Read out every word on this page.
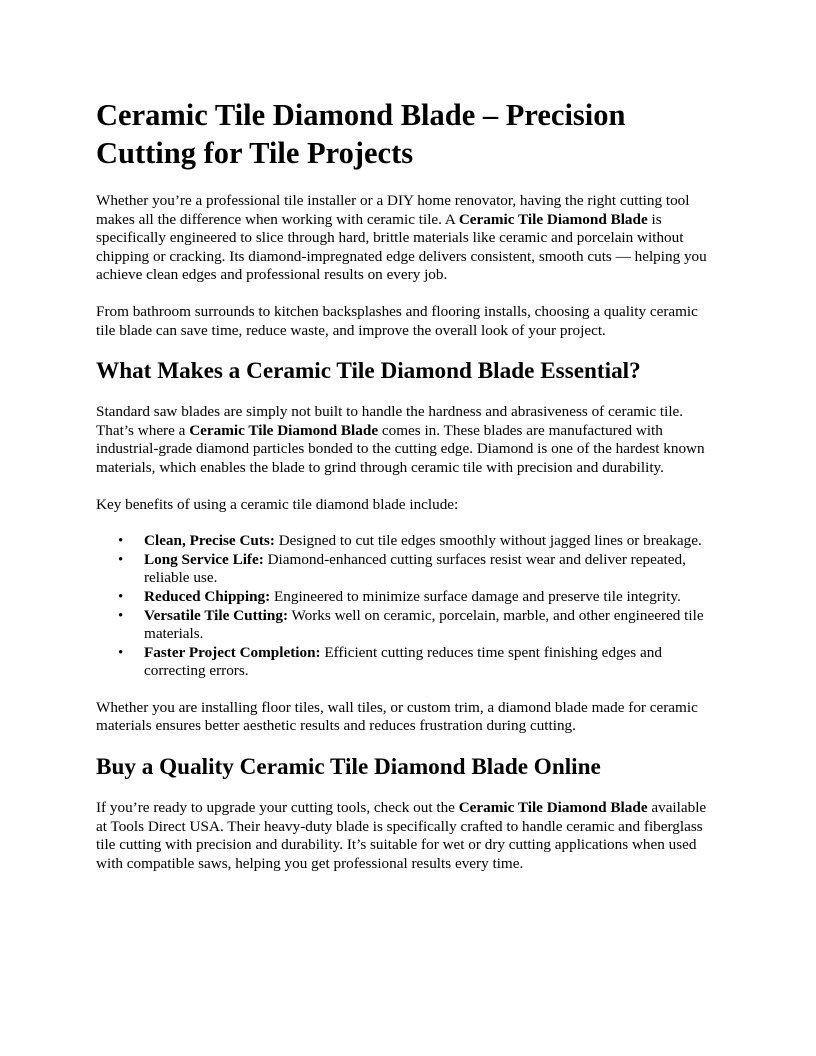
Ceramic Tile Diamond Blade – Precision Cutting for Tile Projects

Whether you’re a professional tile installer or a DIY home renovator, having the right cutting tool makes all the difference when working with ceramic tile. A Ceramic Tile Diamond Blade is specifically engineered to slice through hard, brittle materials like ceramic and porcelain without chipping or cracking. Its diamond-impregnated edge delivers consistent, smooth cuts — helping you achieve clean edges and professional results on every job.

From bathroom surrounds to kitchen backsplashes and flooring installs, choosing a quality ceramic tile blade can save time, reduce waste, and improve the overall look of your project.

What Makes a Ceramic Tile Diamond Blade Essential?

Standard saw blades are simply not built to handle the hardness and abrasiveness of ceramic tile. That’s where a Ceramic Tile Diamond Blade comes in. These blades are manufactured with industrial-grade diamond particles bonded to the cutting edge. Diamond is one of the hardest known materials, which enables the blade to grind through ceramic tile with precision and durability.

Key benefits of using a ceramic tile diamond blade include:

• Clean, Precise Cuts: Designed to cut tile edges smoothly without jagged lines or breakage.
• Long Service Life: Diamond-enhanced cutting surfaces resist wear and deliver repeated, reliable use.
• Reduced Chipping: Engineered to minimize surface damage and preserve tile integrity.
• Versatile Tile Cutting: Works well on ceramic, porcelain, marble, and other engineered tile materials.
• Faster Project Completion: Efficient cutting reduces time spent finishing edges and correcting errors.

Whether you are installing floor tiles, wall tiles, or custom trim, a diamond blade made for ceramic materials ensures better aesthetic results and reduces frustration during cutting.

Buy a Quality Ceramic Tile Diamond Blade Online

If you’re ready to upgrade your cutting tools, check out the Ceramic Tile Diamond Blade available at Tools Direct USA. Their heavy-duty blade is specifically crafted to handle ceramic and fiberglass tile cutting with precision and durability. It’s suitable for wet or dry cutting applications when used with compatible saws, helping you get professional results every time.
